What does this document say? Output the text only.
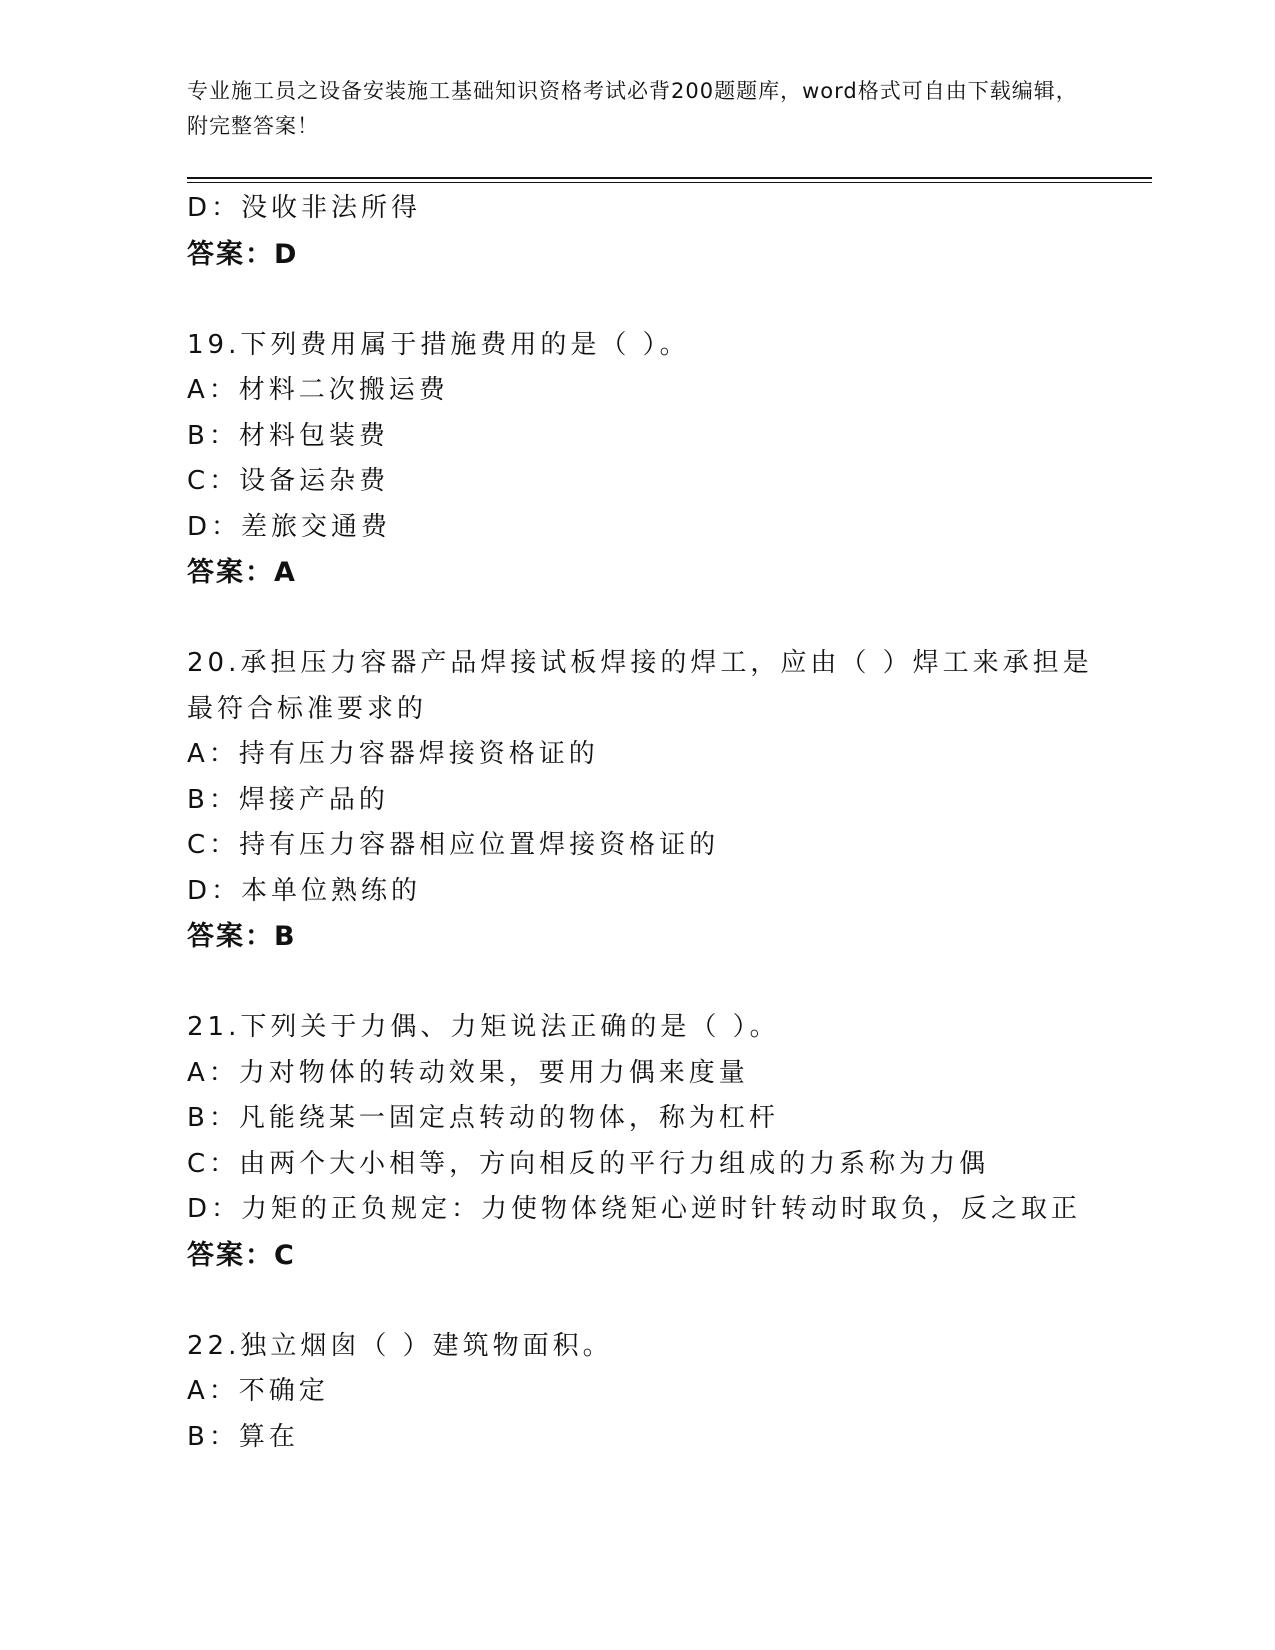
专业施工员之设备安装施工基础知识资格考试必背200题题库，word格式可自由下载编辑，附完整答案！
D：没收非法所得
答案：D
19.下列费用属于措施费用的是（ ）。
A：材料二次搬运费
B：材料包装费
C：设备运杂费
D：差旅交通费
答案：A
20.承担压力容器产品焊接试板焊接的焊工，应由（ ）焊工来承担是
最符合标准要求的
A：持有压力容器焊接资格证的
B：焊接产品的
C：持有压力容器相应位置焊接资格证的
D：本单位熟练的
答案：B
21.下列关于力偶、力矩说法正确的是（ ）。
A：力对物体的转动效果，要用力偶来度量
B：凡能绕某一固定点转动的物体，称为杠杆
C：由两个大小相等，方向相反的平行力组成的力系称为力偶
D：力矩的正负规定：力使物体绕矩心逆时针转动时取负，反之取正
答案：C
22.独立烟囱（ ）建筑物面积。
A：不确定
B：算在
